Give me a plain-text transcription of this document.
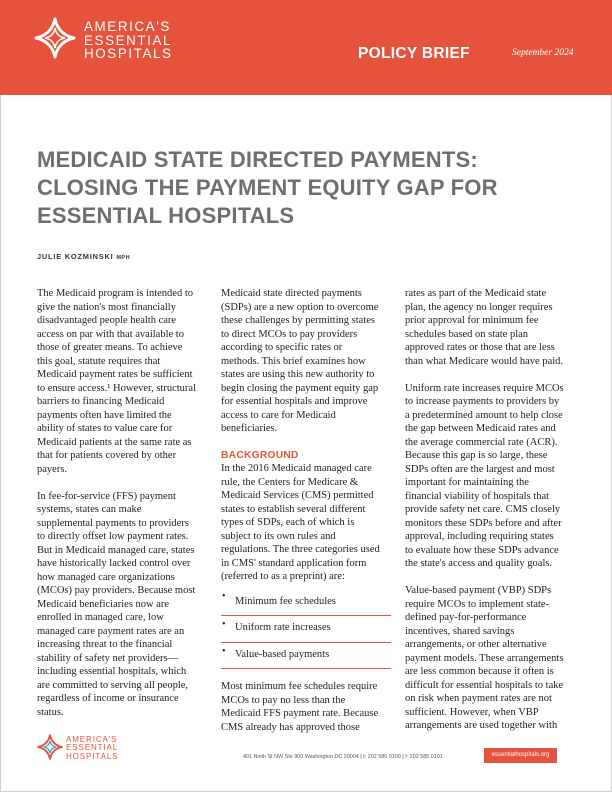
AMERICA'S
ESSENTIAL
HOSPITALS	POLICY BRIEF	September 2024
MEDICAID STATE DIRECTED PAYMENTS:
CLOSING THE PAYMENT EQUITY GAP FOR
ESSENTIAL HOSPITALS
JULIE KOZMINSKI MPH

The Medicaid program is intended to
give the nation's most financially
disadvantaged people health care
access on par with that available to
those of greater means. To achieve
this goal, statute requires that
Medicaid payment rates be sufficient
to ensure access.¹ However, structural
barriers to financing Medicaid
payments often have limited the
ability of states to value care for
Medicaid patients at the same rate as
that for patients covered by other
payers.

In fee-for-service (FFS) payment
systems, states can make
supplemental payments to providers
to directly offset low payment rates.
But in Medicaid managed care, states
have historically lacked control over
how managed care organizations
(MCOs) pay providers. Because most
Medicaid beneficiaries now are
enrolled in managed care, low
managed care payment rates are an
increasing threat to the financial
stability of safety net providers—
including essential hospitals, which
are committed to serving all people,
regardless of income or insurance
status.

Medicaid state directed payments
(SDPs) are a new option to overcome
these challenges by permitting states
to direct MCOs to pay providers
according to specific rates or
methods. This brief examines how
states are using this new authority to
begin closing the payment equity gap
for essential hospitals and improve
access to care for Medicaid
beneficiaries.

BACKGROUND

In the 2016 Medicaid managed care
rule, the Centers for Medicare &
Medicaid Services (CMS) permitted
states to establish several different
types of SDPs, each of which is
subject to its own rules and
regulations. The three categories used
in CMS' standard application form
(referred to as a preprint) are:

• Minimum fee schedules
• Uniform rate increases
• Value-based payments

Most minimum fee schedules require
MCOs to pay no less than the
Medicaid FFS payment rate. Because
CMS already has approved those

rates as part of the Medicaid state
plan, the agency no longer requires
prior approval for minimum fee
schedules based on state plan
approved rates or those that are less
than what Medicare would have paid.

Uniform rate increases require MCOs
to increase payments to providers by
a predetermined amount to help close
the gap between Medicaid rates and
the average commercial rate (ACR).
Because this gap is so large, these
SDPs often are the largest and most
important for maintaining the
financial viability of hospitals that
provide safety net care. CMS closely
monitors these SDPs before and after
approval, including requiring states
to evaluate how these SDPs advance
the state's access and quality goals.

Value-based payment (VBP) SDPs
require MCOs to implement state-
defined pay-for-performance
incentives, shared savings
arrangements, or other alternative
payment models. These arrangements
are less common because it often is
difficult for essential hospitals to take
on risk when payment rates are not
sufficient. However, when VBP
arrangements are used together with

AMERICA'S
ESSENTIAL
HOSPITALS	401 Ninth St NW Ste 900 Washington DC 20004 | t: 202 585 0100 | f: 202 585 0101	essentialhospitals.org
